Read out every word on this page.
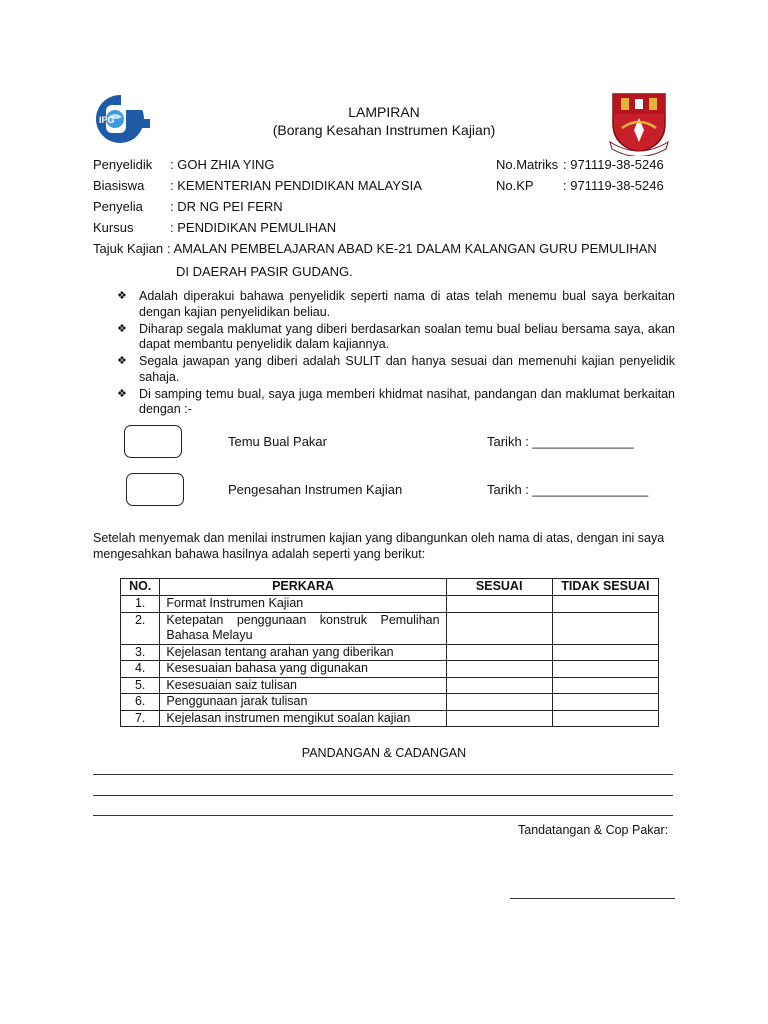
IPG	LAMPIRAN
(Borang Kesahan Instrumen Kajian)
Penyelidik : GOH ZHIA YING	No.Matriks : 971119-38-5246
Biasiswa : KEMENTERIAN PENDIDIKAN MALAYSIA	No.KP : 971119-38-5246
Penyelia : DR NG PEI FERN
Kursus	: PENDIDIKAN PEMULIHAN
Tajuk Kajian : AMALAN PEMBELAJARAN ABAD KE-21 DALAM KALANGAN GURU PEMULIHAN
DI DAERAH PASIR GUDANG.
❖ Adalah diperakui bahawa penyelidik seperti nama di atas telah menemu bual saya berkaitan dengan kajian penyelidikan beliau.
❖ Diharap segala maklumat yang diberi berdasarkan soalan temu bual beliau bersama saya, akan dapat membantu penyelidik dalam kajiannya.
❖ Segala jawapan yang diberi adalah SULIT dan hanya sesuai dan memenuhi kajian penyelidik sahaja.
❖ Di samping temu bual, saya juga memberi khidmat nasihat, pandangan dan maklumat berkaitan dengan :-
Temu Bual Pakar	Tarikh : ______________
Pengesahan Instrumen Kajian	Tarikh : ________________
Setelah menyemak dan menilai instrumen kajian yang dibangunkan oleh nama di atas, dengan ini saya mengesahkan bahawa hasilnya adalah seperti yang berikut:
NO.	PERKARA	SESUAI	TIDAK SESUAI
1.	Format Instrumen Kajian		
2.	Ketepatan penggunaan konstruk Pemulihan Bahasa Melayu		
3.	Kejelasan tentang arahan yang diberikan		
4.	Kesesuaian bahasa yang digunakan		
5.	Kesesuaian saiz tulisan		
6.	Penggunaan jarak tulisan		
7.	Kejelasan instrumen mengikut soalan kajian		
PANDANGAN & CADANGAN
Tandatangan & Cop Pakar:
